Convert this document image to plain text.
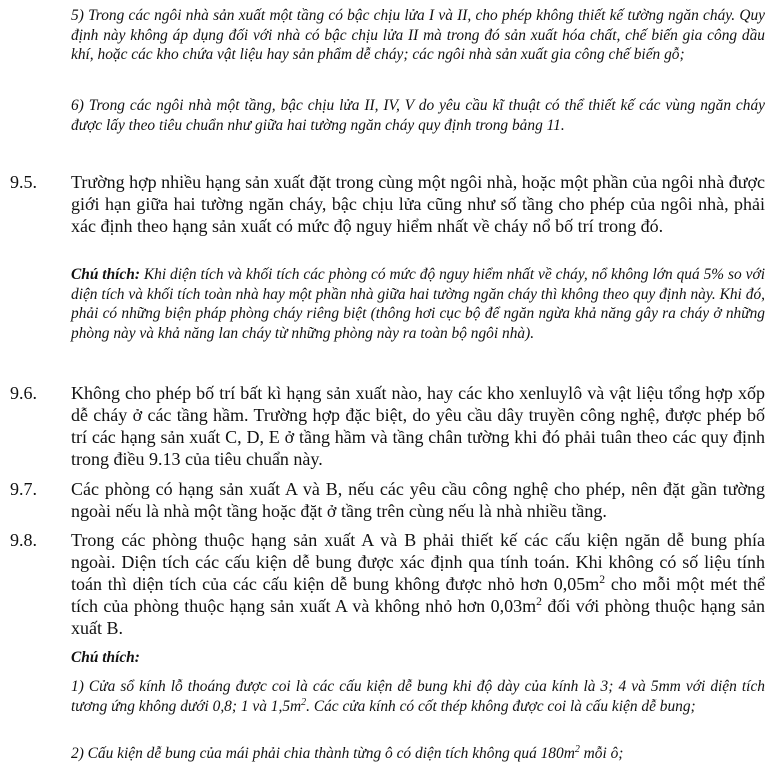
5) Trong các ngôi nhà sản xuất một tầng có bậc chịu lửa I và II, cho phép không thiết kế tường ngăn cháy. Quy định này không áp dụng đối với nhà có bậc chịu lửa II mà trong đó sản xuất hóa chất, chế biến gia công dầu khí, hoặc các kho chứa vật liệu hay sản phẩm dễ cháy; các ngôi nhà sản xuất gia công chế biến gỗ;

6) Trong các ngôi nhà một tầng, bậc chịu lửa II, IV, V do yêu cầu kĩ thuật có thể thiết kế các vùng ngăn cháy được lấy theo tiêu chuẩn như giữa hai tường ngăn cháy quy định trong bảng 11.

9.5. Trường hợp nhiều hạng sản xuất đặt trong cùng một ngôi nhà, hoặc một phần của ngôi nhà được giới hạn giữa hai tường ngăn cháy, bậc chịu lửa cũng như số tầng cho phép của ngôi nhà, phải xác định theo hạng sản xuất có mức độ nguy hiểm nhất về cháy nổ bố trí trong đó.

Chú thích: Khi diện tích và khối tích các phòng có mức độ nguy hiểm nhất về cháy, nổ không lớn quá 5% so với diện tích và khối tích toàn nhà hay một phần nhà giữa hai tường ngăn cháy thì không theo quy định này. Khi đó, phải có những biện pháp phòng cháy riêng biệt (thông hơi cục bộ để ngăn ngừa khả năng gây ra cháy ở những phòng này và khả năng lan cháy từ những phòng này ra toàn bộ ngôi nhà).

9.6. Không cho phép bố trí bất kì hạng sản xuất nào, hay các kho xenluylô và vật liệu tổng hợp xốp dễ cháy ở các tầng hầm. Trường hợp đặc biệt, do yêu cầu dây truyền công nghệ, được phép bố trí các hạng sản xuất C, D, E ở tầng hầm và tầng chân tường khi đó phải tuân theo các quy định trong điều 9.13 của tiêu chuẩn này.
9.7. Các phòng có hạng sản xuất A và B, nếu các yêu cầu công nghệ cho phép, nên đặt gần tường ngoài nếu là nhà một tầng hoặc đặt ở tầng trên cùng nếu là nhà nhiều tầng.
9.8. Trong các phòng thuộc hạng sản xuất A và B phải thiết kế các cấu kiện ngăn dễ bung phía ngoài. Diện tích các cấu kiện dễ bung được xác định qua tính toán. Khi không có số liệu tính toán thì diện tích của các cấu kiện dễ bung không được nhỏ hơn $0,05m^2$ cho mỗi một mét thể tích của phòng thuộc hạng sản xuất A và không nhỏ hơn $0,03m^2$ đối với phòng thuộc hạng sản xuất B.
Chú thích:

1) Cửa sổ kính lỗ thoáng được coi là các cấu kiện dễ bung khi độ dày của kính là 3; 4 và 5mm với diện tích tương ứng không dưới 0,8; 1 và $1,5m^2$. Các cửa kính có cốt thép không được coi là cấu kiện dễ bung;

2) Cấu kiện dễ bung của mái phải chia thành từng ô có diện tích không quá $180m^2$ mỗi ô;
